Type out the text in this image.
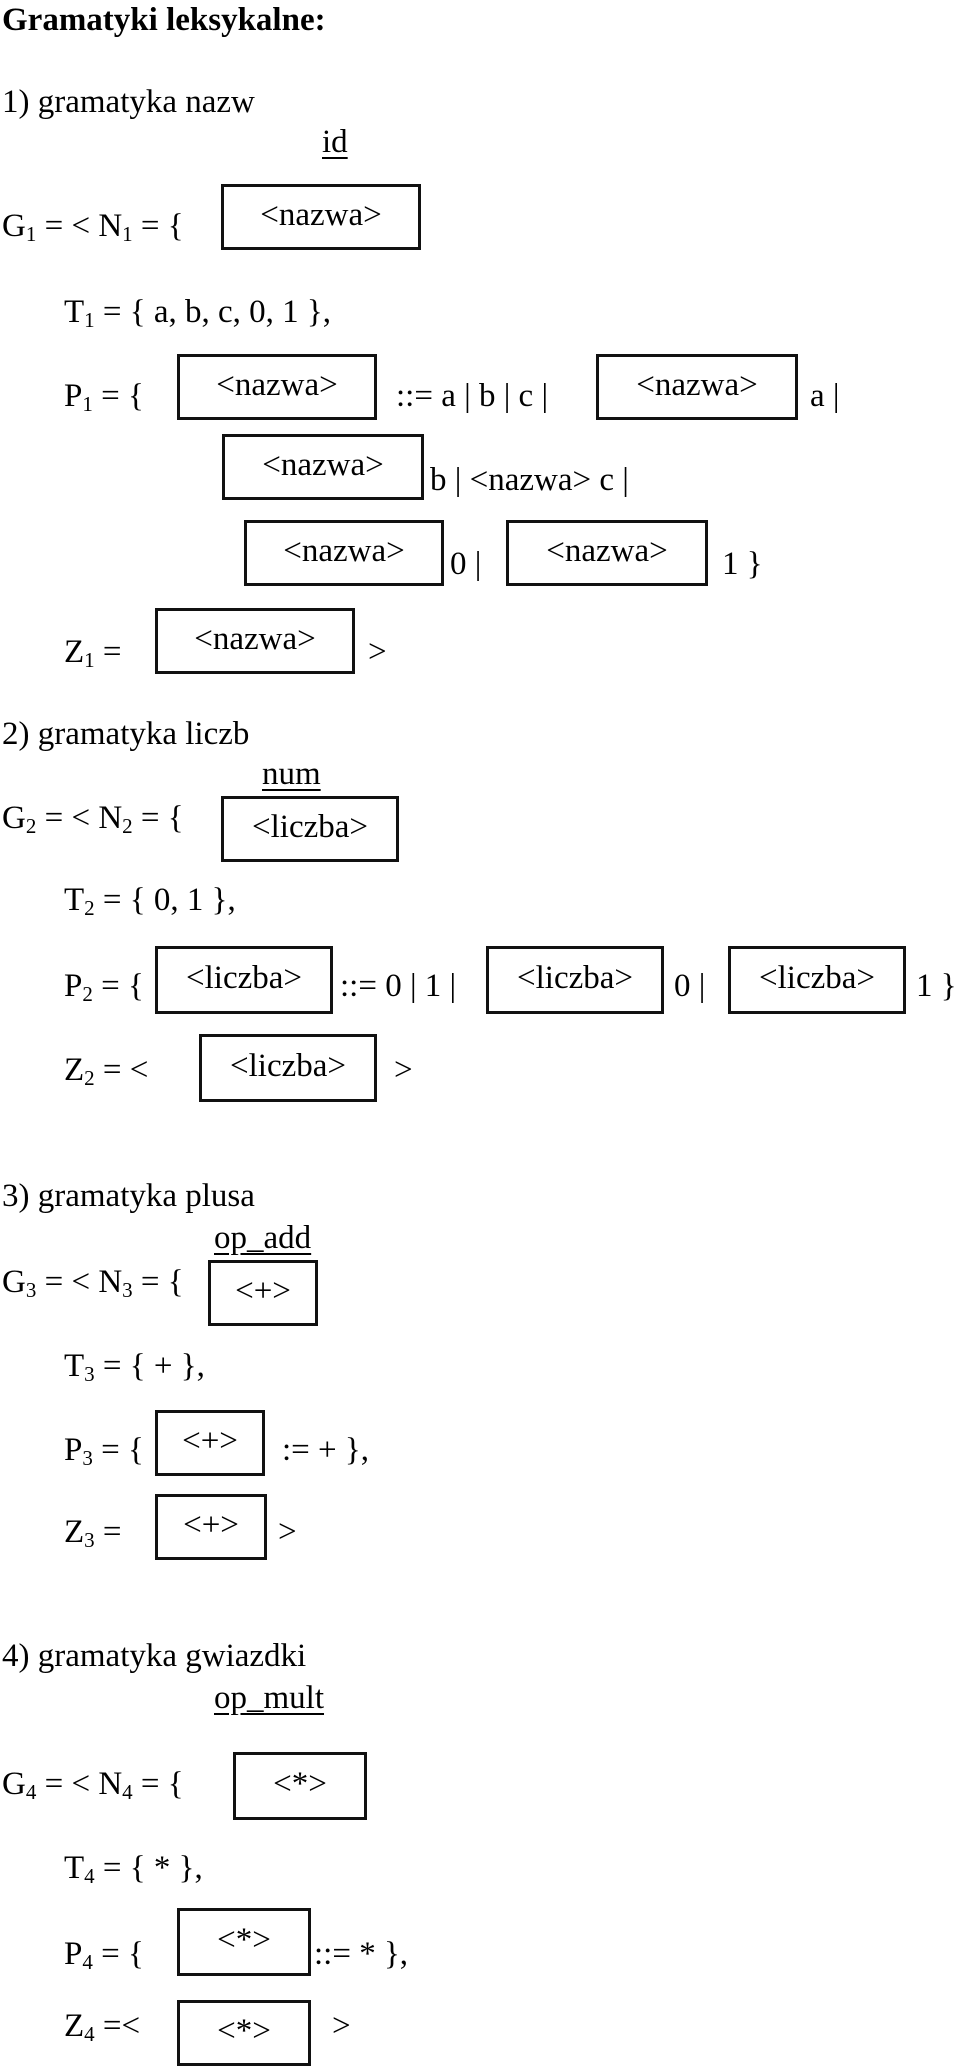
Gramatyki leksykalne:
1) gramatyka nazw
id
$G_1$ = < $N_1$ = {	<nazwa>
$T_1$ = { a, b, c, 0, 1 },
$P_1$ = {	<nazwa>	::= a | b | c |	<nazwa>	a |
<nazwa>	b | <nazwa> c |
<nazwa>	0 |	<nazwa>	1 }
$Z_1$ =	<nazwa>	>
2) gramatyka liczb
num
$G_2$ = < $N_2$ = {	<liczba>
$T_2$ = { 0, 1 },
$P_2$ = {	<liczba>	::= 0 | 1 |	<liczba>	0 |	<liczba>	1 }
$Z_2$ = <	<liczba>	>
3) gramatyka plusa
op_add
$G_3$ = < $N_3$ = {	<+>
$T_3$ = { + },
$P_3$ = {	<+>	:= + },
$Z_3$ =	<+>	>
4) gramatyka gwiazdki
op_mult
$G_4$ = < $N_4$ = {	<*>
$T_4$ = { * },
$P_4$ = {	<*>	::= * },
$Z_4$ =<	<*>	>
